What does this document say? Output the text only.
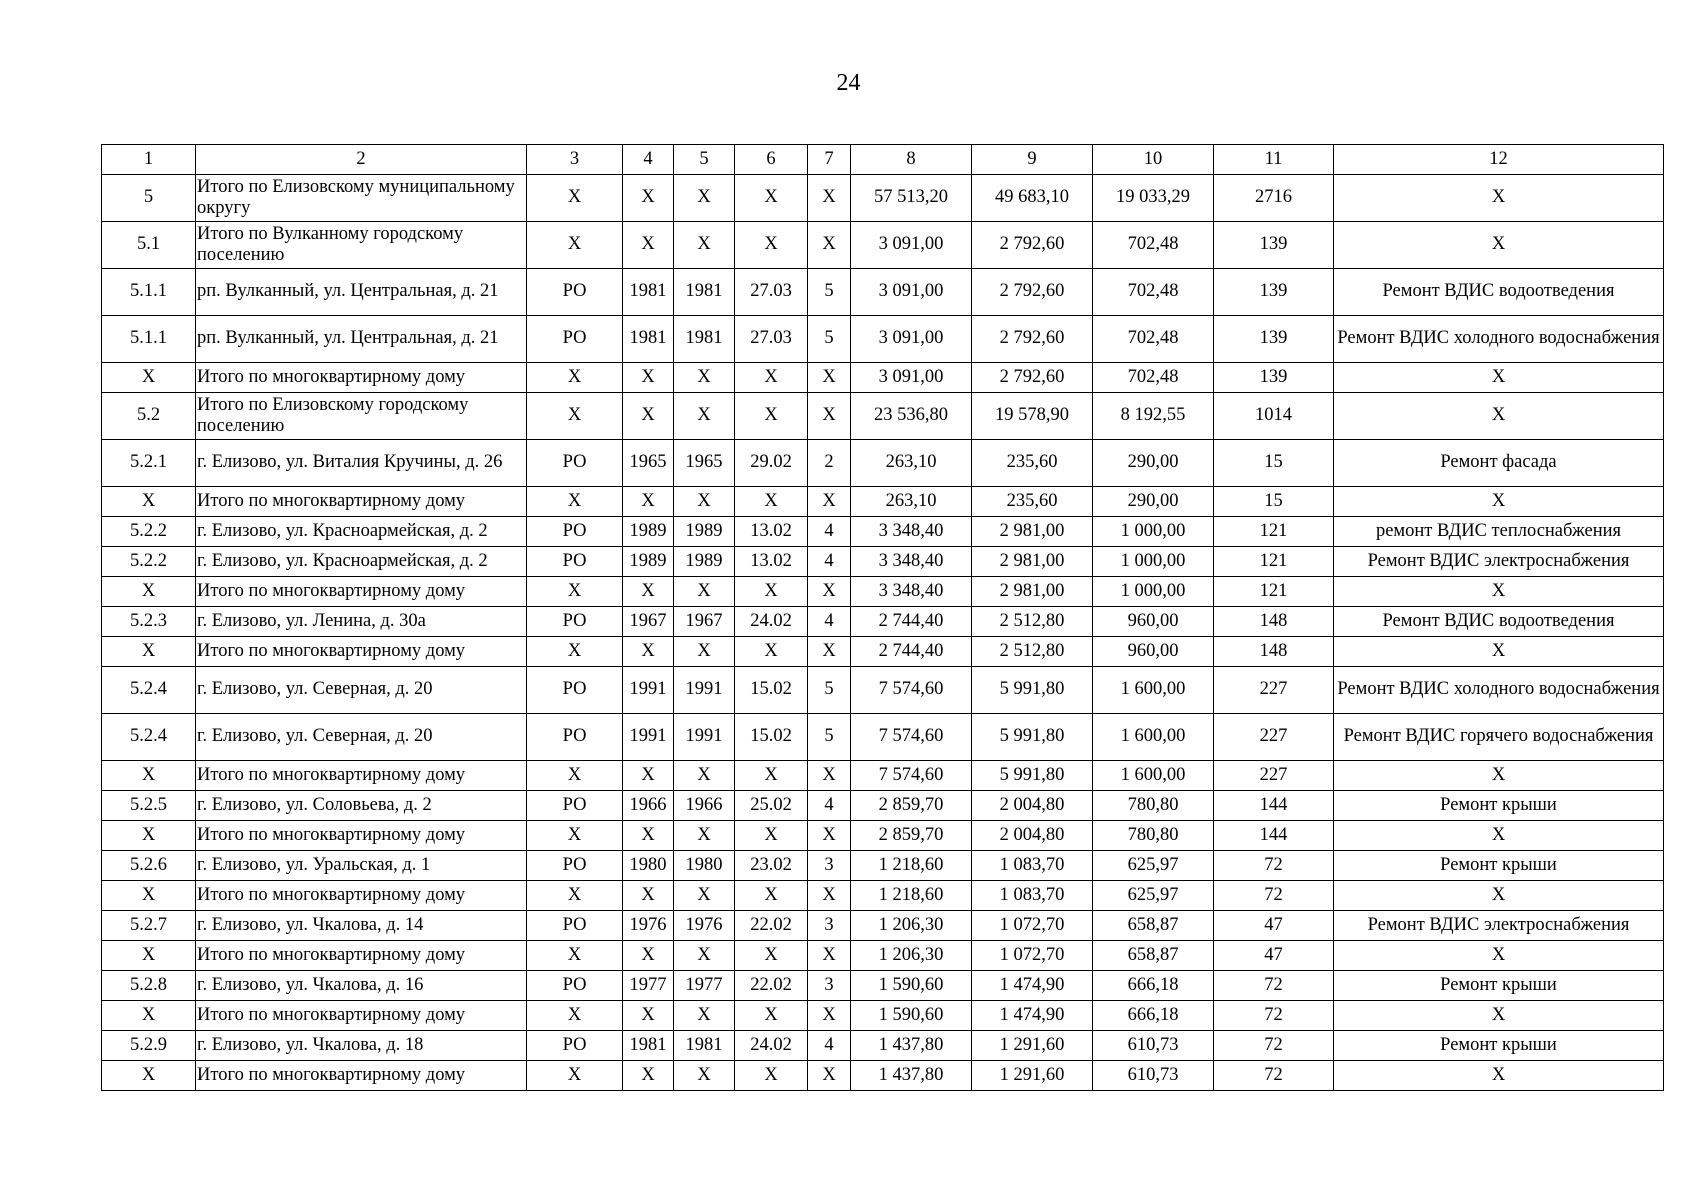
24
1	2	3	4	5	6	7	8	9	10	11	12
5	Итого по Елизовскому муниципальному округу	Х	Х	Х	Х	Х	57 513,20	49 683,10	19 033,29	2716	Х
5.1	Итого по Вулканному городскому поселению	Х	Х	Х	Х	Х	3 091,00	2 792,60	702,48	139	Х
5.1.1	рп. Вулканный, ул. Центральная, д. 21	РО	1981	1981	27.03	5	3 091,00	2 792,60	702,48	139	Ремонт ВДИС водоотведения
5.1.1	рп. Вулканный, ул. Центральная, д. 21	РО	1981	1981	27.03	5	3 091,00	2 792,60	702,48	139	Ремонт ВДИС холодного водоснабжения
Х	Итого по многоквартирному дому	Х	Х	Х	Х	Х	3 091,00	2 792,60	702,48	139	Х
5.2	Итого по Елизовскому городскому поселению	Х	Х	Х	Х	Х	23 536,80	19 578,90	8 192,55	1014	Х
5.2.1	г. Елизово, ул. Виталия Кручины, д. 26	РО	1965	1965	29.02	2	263,10	235,60	290,00	15	Ремонт фасада
Х	Итого по многоквартирному дому	Х	Х	Х	Х	Х	263,10	235,60	290,00	15	Х
5.2.2	г. Елизово, ул. Красноармейская, д. 2	РО	1989	1989	13.02	4	3 348,40	2 981,00	1 000,00	121	ремонт ВДИС теплоснабжения
5.2.2	г. Елизово, ул. Красноармейская, д. 2	РО	1989	1989	13.02	4	3 348,40	2 981,00	1 000,00	121	Ремонт ВДИС электроснабжения
Х	Итого по многоквартирному дому	Х	Х	Х	Х	Х	3 348,40	2 981,00	1 000,00	121	Х
5.2.3	г. Елизово, ул. Ленина, д. 30а	РО	1967	1967	24.02	4	2 744,40	2 512,80	960,00	148	Ремонт ВДИС водоотведения
Х	Итого по многоквартирному дому	Х	Х	Х	Х	Х	2 744,40	2 512,80	960,00	148	Х
5.2.4	г. Елизово, ул. Северная, д. 20	РО	1991	1991	15.02	5	7 574,60	5 991,80	1 600,00	227	Ремонт ВДИС холодного водоснабжения
5.2.4	г. Елизово, ул. Северная, д. 20	РО	1991	1991	15.02	5	7 574,60	5 991,80	1 600,00	227	Ремонт ВДИС горячего водоснабжения
Х	Итого по многоквартирному дому	Х	Х	Х	Х	Х	7 574,60	5 991,80	1 600,00	227	Х
5.2.5	г. Елизово, ул. Соловьева, д. 2	РО	1966	1966	25.02	4	2 859,70	2 004,80	780,80	144	Ремонт крыши
Х	Итого по многоквартирному дому	Х	Х	Х	Х	Х	2 859,70	2 004,80	780,80	144	Х
5.2.6	г. Елизово, ул. Уральская, д. 1	РО	1980	1980	23.02	3	1 218,60	1 083,70	625,97	72	Ремонт крыши
Х	Итого по многоквартирному дому	Х	Х	Х	Х	Х	1 218,60	1 083,70	625,97	72	Х
5.2.7	г. Елизово, ул. Чкалова, д. 14	РО	1976	1976	22.02	3	1 206,30	1 072,70	658,87	47	Ремонт ВДИС электроснабжения
Х	Итого по многоквартирному дому	Х	Х	Х	Х	Х	1 206,30	1 072,70	658,87	47	Х
5.2.8	г. Елизово, ул. Чкалова, д. 16	РО	1977	1977	22.02	3	1 590,60	1 474,90	666,18	72	Ремонт крыши
Х	Итого по многоквартирному дому	Х	Х	Х	Х	Х	1 590,60	1 474,90	666,18	72	Х
5.2.9	г. Елизово, ул. Чкалова, д. 18	РО	1981	1981	24.02	4	1 437,80	1 291,60	610,73	72	Ремонт крыши
Х	Итого по многоквартирному дому	Х	Х	Х	Х	Х	1 437,80	1 291,60	610,73	72	Х
